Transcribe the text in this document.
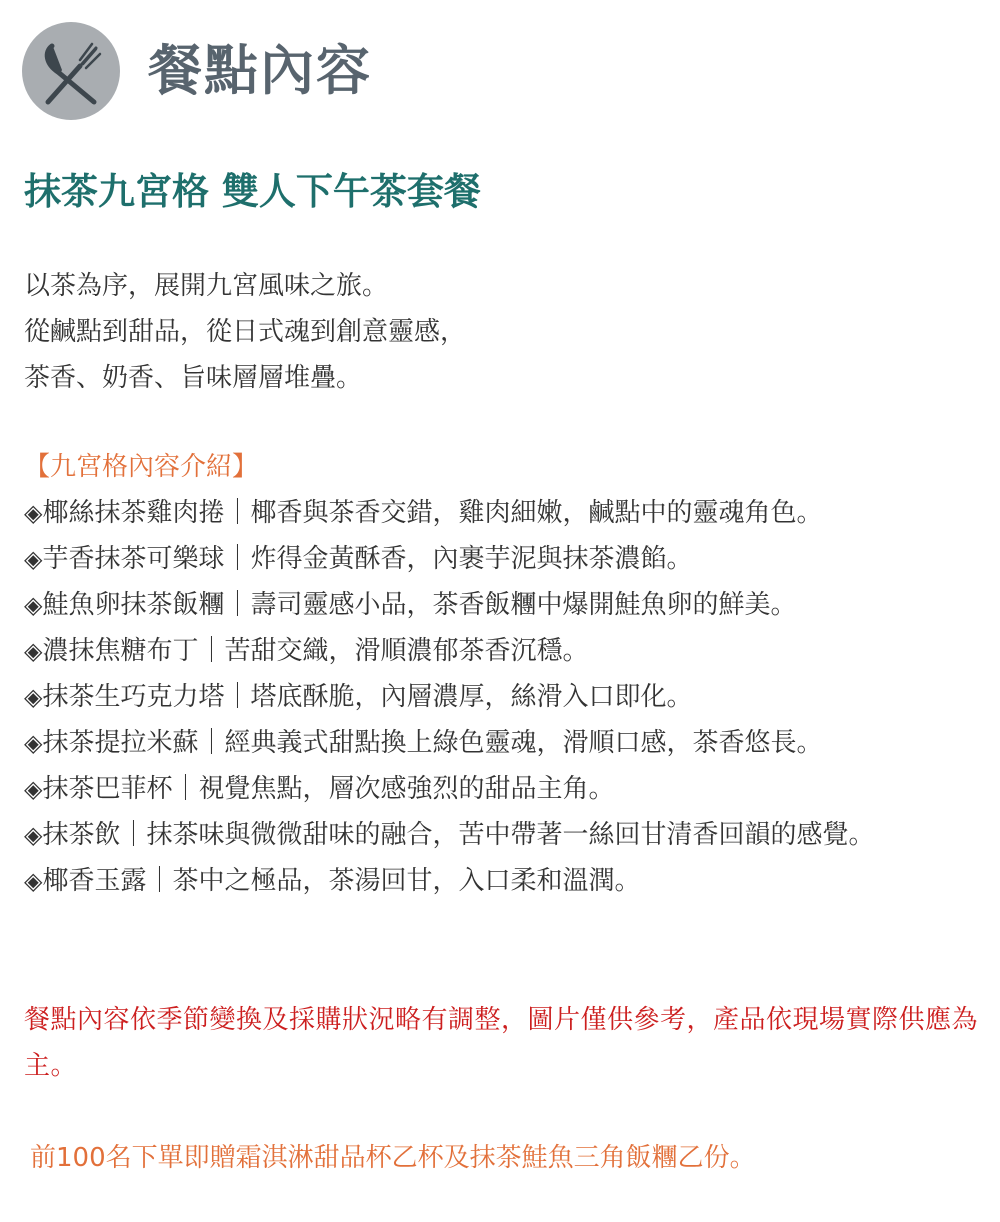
餐點內容
抹茶九宮格 雙人下午茶套餐
以茶為序，展開九宮風味之旅。
從鹹點到甜品，從日式魂到創意靈感，
茶香、奶香、旨味層層堆疊。
【九宮格內容介紹】
◈椰絲抹茶雞肉捲｜椰香與茶香交錯，雞肉細嫩，鹹點中的靈魂角色。
◈芋香抹茶可樂球｜炸得金黃酥香，內裹芋泥與抹茶濃餡。
◈鮭魚卵抹茶飯糰｜壽司靈感小品，茶香飯糰中爆開鮭魚卵的鮮美。
◈濃抹焦糖布丁｜苦甜交織，滑順濃郁茶香沉穩。
◈抹茶生巧克力塔｜塔底酥脆，內層濃厚，絲滑入口即化。
◈抹茶提拉米蘇｜經典義式甜點換上綠色靈魂，滑順口感，茶香悠長。
◈抹茶巴菲杯｜視覺焦點，層次感強烈的甜品主角。
◈抹茶飲｜抹茶味與微微甜味的融合，苦中帶著一絲回甘清香回韻的感覺。
◈椰香玉露｜茶中之極品，茶湯回甘，入口柔和溫潤。
餐點內容依季節變換及採購狀況略有調整，圖片僅供參考，產品依現場實際供應為主。
前100名下單即贈霜淇淋甜品杯乙杯及抹茶鮭魚三角飯糰乙份。
